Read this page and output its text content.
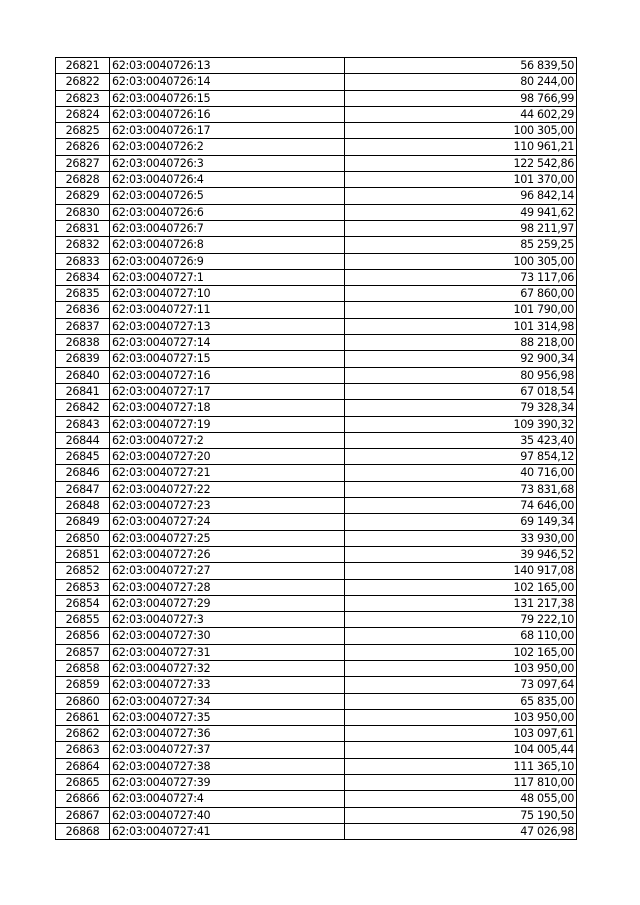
26821	62:03:0040726:13	56 839,50
26822	62:03:0040726:14	80 244,00
26823	62:03:0040726:15	98 766,99
26824	62:03:0040726:16	44 602,29
26825	62:03:0040726:17	100 305,00
26826	62:03:0040726:2	110 961,21
26827	62:03:0040726:3	122 542,86
26828	62:03:0040726:4	101 370,00
26829	62:03:0040726:5	96 842,14
26830	62:03:0040726:6	49 941,62
26831	62:03:0040726:7	98 211,97
26832	62:03:0040726:8	85 259,25
26833	62:03:0040726:9	100 305,00
26834	62:03:0040727:1	73 117,06
26835	62:03:0040727:10	67 860,00
26836	62:03:0040727:11	101 790,00
26837	62:03:0040727:13	101 314,98
26838	62:03:0040727:14	88 218,00
26839	62:03:0040727:15	92 900,34
26840	62:03:0040727:16	80 956,98
26841	62:03:0040727:17	67 018,54
26842	62:03:0040727:18	79 328,34
26843	62:03:0040727:19	109 390,32
26844	62:03:0040727:2	35 423,40
26845	62:03:0040727:20	97 854,12
26846	62:03:0040727:21	40 716,00
26847	62:03:0040727:22	73 831,68
26848	62:03:0040727:23	74 646,00
26849	62:03:0040727:24	69 149,34
26850	62:03:0040727:25	33 930,00
26851	62:03:0040727:26	39 946,52
26852	62:03:0040727:27	140 917,08
26853	62:03:0040727:28	102 165,00
26854	62:03:0040727:29	131 217,38
26855	62:03:0040727:3	79 222,10
26856	62:03:0040727:30	68 110,00
26857	62:03:0040727:31	102 165,00
26858	62:03:0040727:32	103 950,00
26859	62:03:0040727:33	73 097,64
26860	62:03:0040727:34	65 835,00
26861	62:03:0040727:35	103 950,00
26862	62:03:0040727:36	103 097,61
26863	62:03:0040727:37	104 005,44
26864	62:03:0040727:38	111 365,10
26865	62:03:0040727:39	117 810,00
26866	62:03:0040727:4	48 055,00
26867	62:03:0040727:40	75 190,50
26868	62:03:0040727:41	47 026,98
